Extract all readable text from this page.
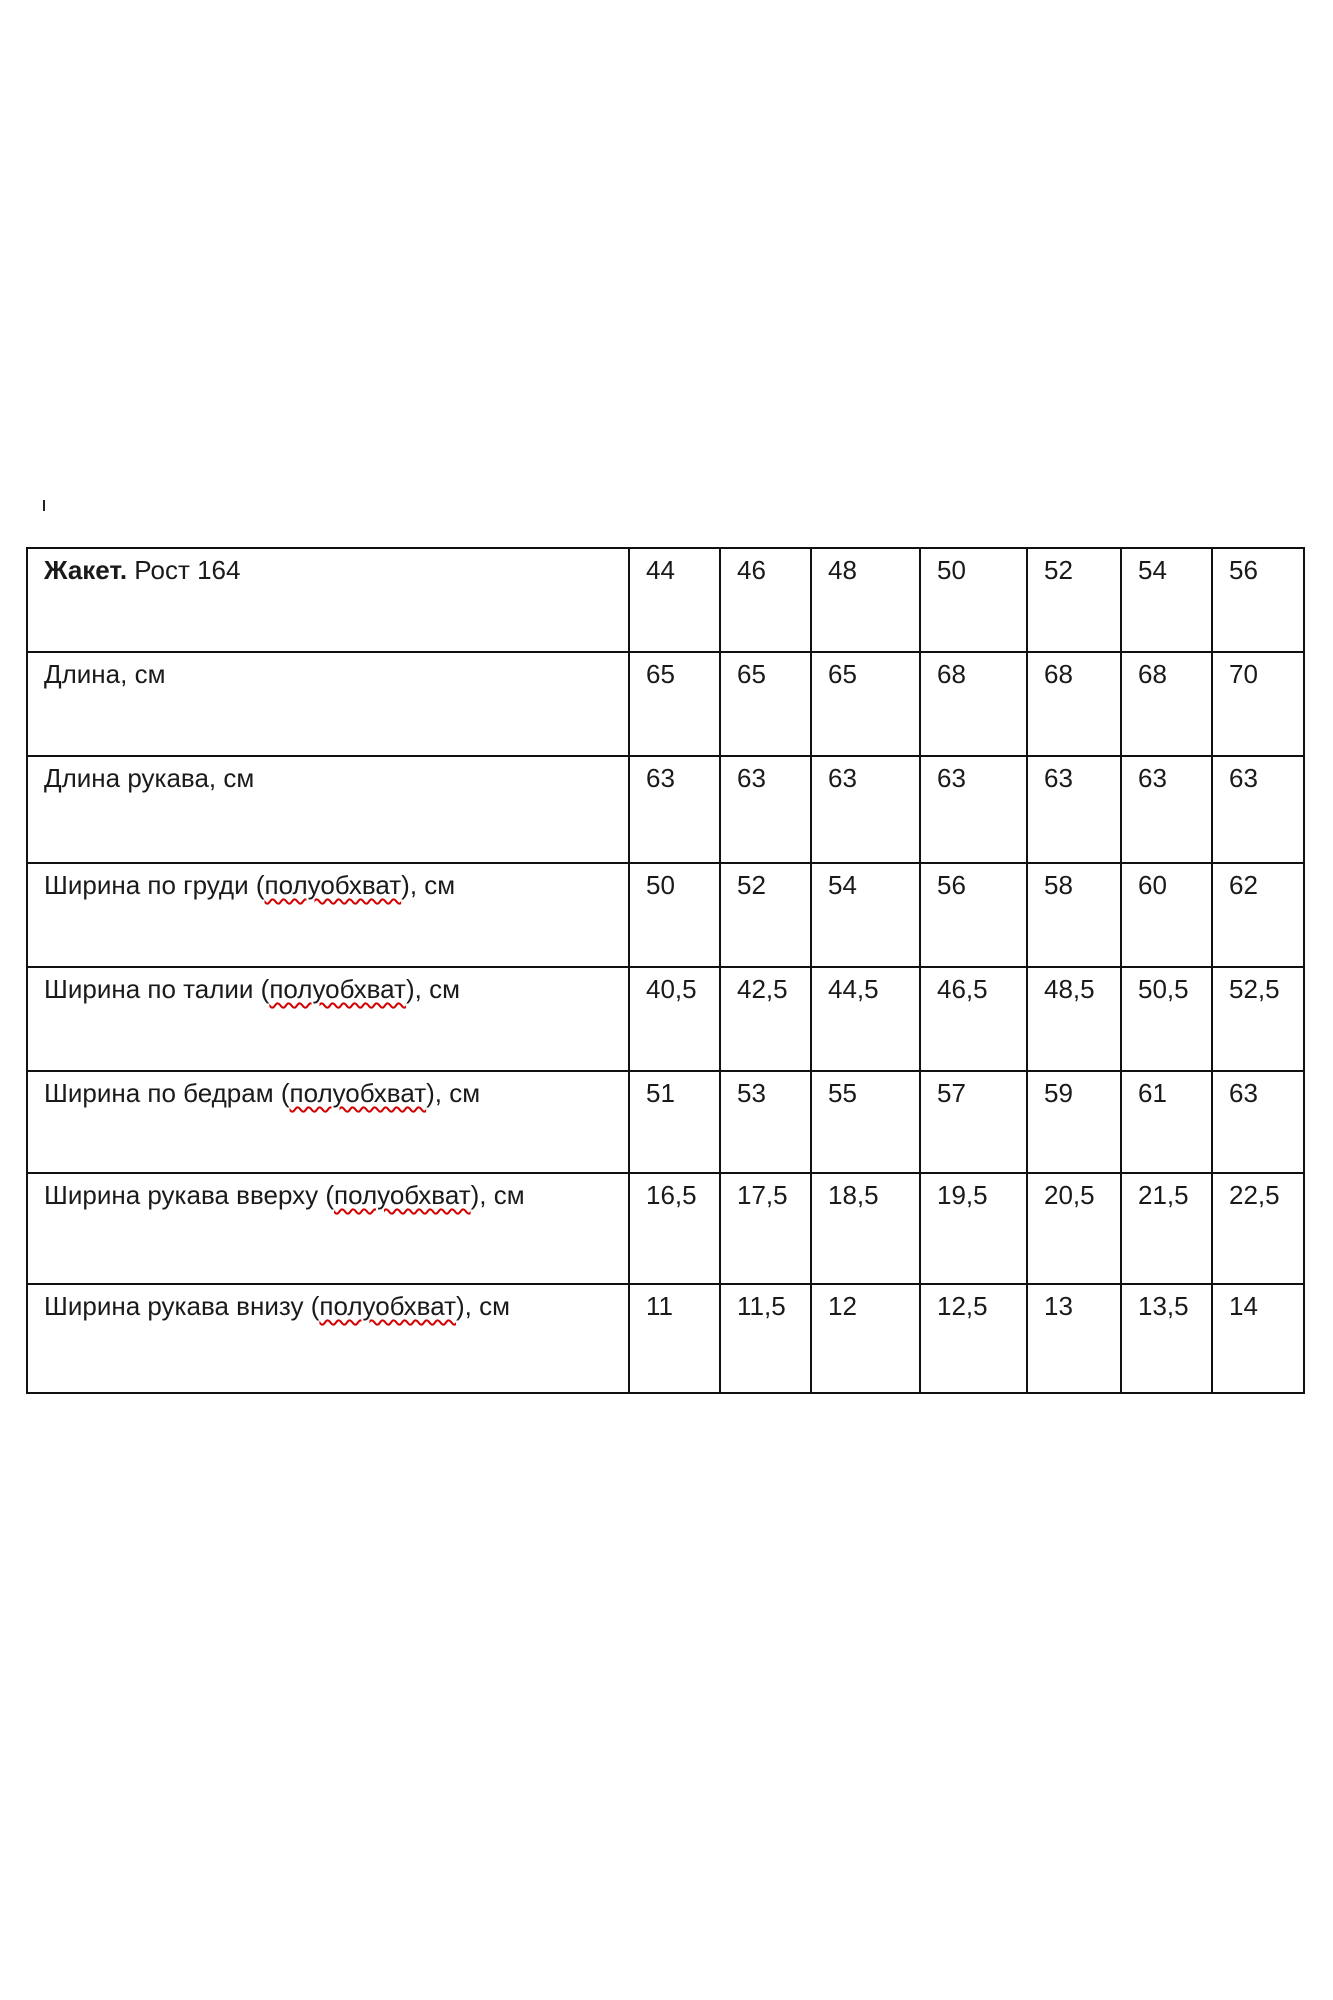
Жакет. Рост 164	44	46	48	50	52	54	56
Длина, см	65	65	65	68	68	68	70
Длина рукава, см	63	63	63	63	63	63	63
Ширина по груди (полуобхват), см	50	52	54	56	58	60	62
Ширина по талии (полуобхват), см	40,5	42,5	44,5	46,5	48,5	50,5	52,5
Ширина по бедрам (полуобхват), см	51	53	55	57	59	61	63
Ширина рукава вверху (полуобхват), см	16,5	17,5	18,5	19,5	20,5	21,5	22,5
Ширина рукава внизу (полуобхват), см	11	11,5	12	12,5	13	13,5	14
